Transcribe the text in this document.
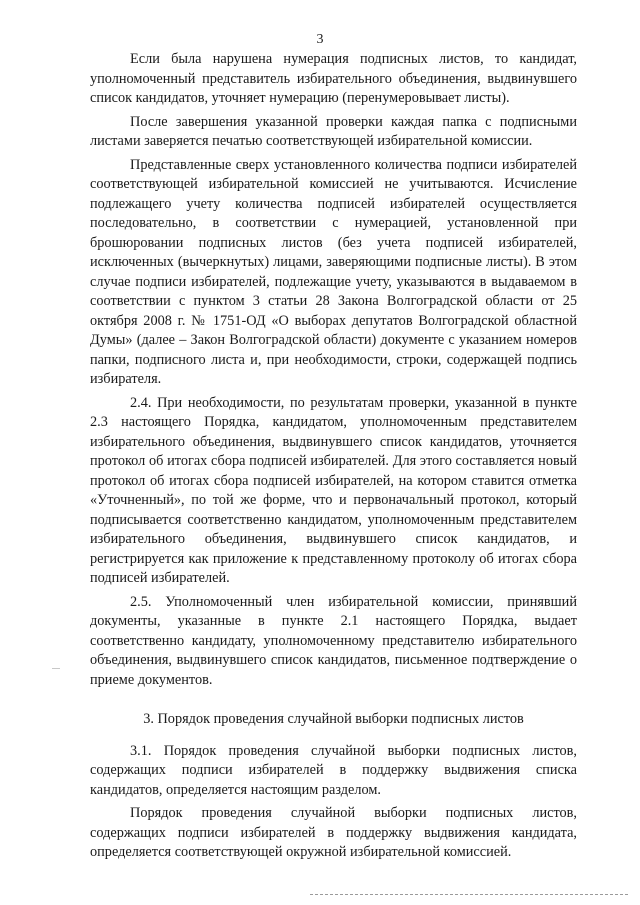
3

Если была нарушена нумерация подписных листов, то кандидат, уполномоченный представитель избирательного объединения, выдвинувшего список кандидатов, уточняет нумерацию (перенумеровывает листы).

После завершения указанной проверки каждая папка с подписными листами заверяется печатью соответствующей избирательной комиссии.

Представленные сверх установленного количества подписи избирателей соответствующей избирательной комиссией не учитываются. Исчисление подлежащего учету количества подписей избирателей осуществляется последовательно, в соответствии с нумерацией, установленной при брошюровании подписных листов (без учета подписей избирателей, исключенных (вычеркнутых) лицами, заверяющими подписные листы). В этом случае подписи избирателей, подлежащие учету, указываются в выдаваемом в соответствии с пунктом 3 статьи 28 Закона Волгоградской области от 25 октября 2008 г. № 1751-ОД «О выборах депутатов Волгоградской областной Думы» (далее – Закон Волгоградской области) документе с указанием номеров папки, подписного листа и, при необходимости, строки, содержащей подпись избирателя.

2.4. При необходимости, по результатам проверки, указанной в пункте 2.3 настоящего Порядка, кандидатом, уполномоченным представителем избирательного объединения, выдвинувшего список кандидатов, уточняется протокол об итогах сбора подписей избирателей. Для этого составляется новый протокол об итогах сбора подписей избирателей, на котором ставится отметка «Уточненный», по той же форме, что и первоначальный протокол, который подписывается соответственно кандидатом, уполномоченным представителем избирательного объединения, выдвинувшего список кандидатов, и регистрируется как приложение к представленному протоколу об итогах сбора подписей избирателей.

2.5. Уполномоченный член избирательной комиссии, принявший документы, указанные в пункте 2.1 настоящего Порядка, выдает соответственно кандидату, уполномоченному представителю избирательного объединения, выдвинувшего список кандидатов, письменное подтверждение о приеме документов.

3. Порядок проведения случайной выборки подписных листов

3.1. Порядок проведения случайной выборки подписных листов, содержащих подписи избирателей в поддержку выдвижения списка кандидатов, определяется настоящим разделом.

Порядок проведения случайной выборки подписных листов, содержащих подписи избирателей в поддержку выдвижения кандидата, определяется соответствующей окружной избирательной комиссией.
